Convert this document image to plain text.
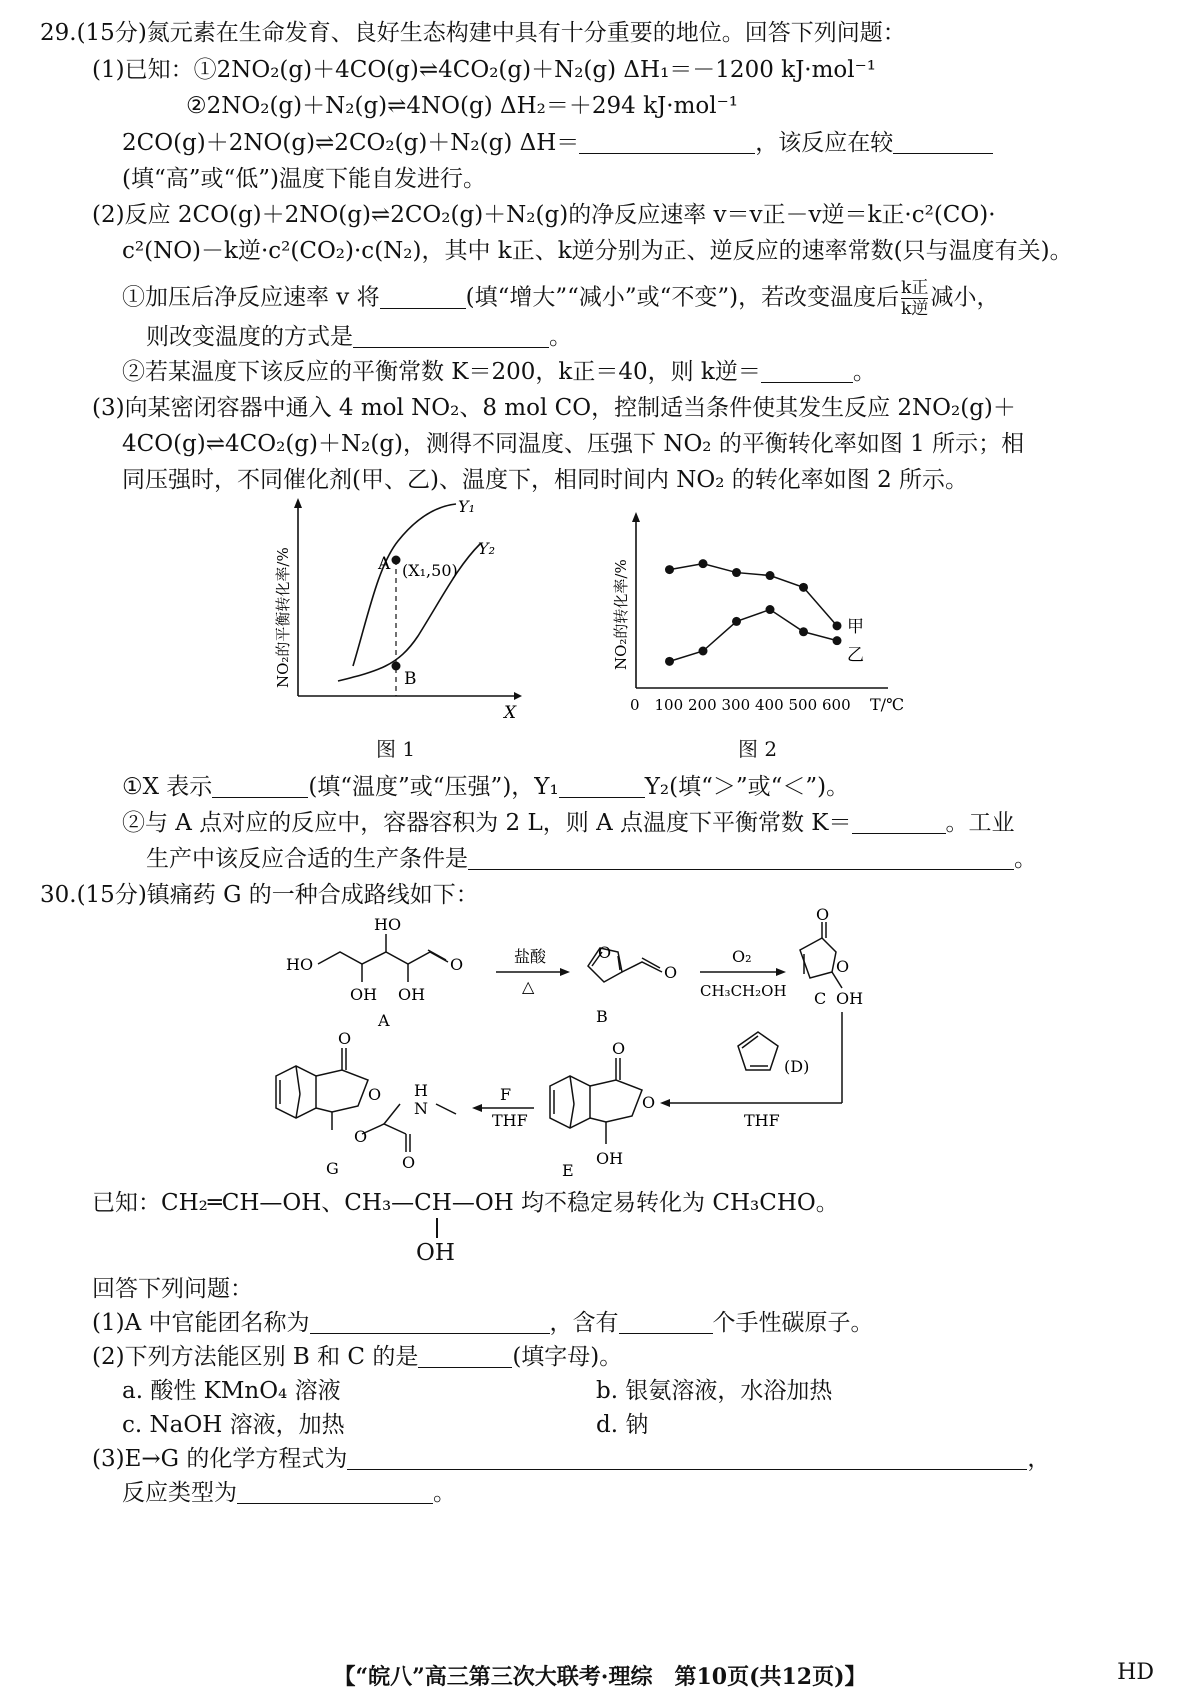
29.(15分)氮元素在生命发育、良好生态构建中具有十分重要的地位。回答下列问题：
(1)已知：①2NO₂(g)＋4CO(g)⇌4CO₂(g)＋N₂(g) ΔH₁＝－1200 kJ·mol⁻¹
②2NO₂(g)＋N₂(g)⇌4NO(g) ΔH₂＝＋294 kJ·mol⁻¹
2CO(g)＋2NO(g)⇌2CO₂(g)＋N₂(g) ΔH＝	，该反应在较
(填“高”或“低”)温度下能自发进行。
(2)反应 2CO(g)＋2NO(g)⇌2CO₂(g)＋N₂(g)的净反应速率 v＝v正－v逆＝k正·c²(CO)·
c²(NO)－k逆·c²(CO₂)·c(N₂)，其中 k正、k逆分别为正、逆反应的速率常数(只与温度有关)。
①加压后净反应速率 v 将	(填“增大”“减小”或“不变”)，若改变温度后 k正
k逆 减小，
则改变温度的方式是	。
②若某温度下该反应的平衡常数 K＝200，k正＝40，则 k逆＝	。
(3)向某密闭容器中通入 4 mol NO₂、8 mol CO，控制适当条件使其发生反应 2NO₂(g)＋
4CO(g)⇌4CO₂(g)＋N₂(g)，测得不同温度、压强下 NO₂ 的平衡转化率如图 1 所示；相
同压强时，不同催化剂(甲、乙)、温度下，相同时间内 NO₂ 的转化率如图 2 所示。
A (X₁,50)
B
Y₁
Y₂
X
NO₂的平衡转化率/%
图 1
NO₂的转化率/%
T/℃
0 100 200 300 400 500 600
甲
乙
图 2
①X 表示	(填“温度”或“压强”)，Y₁	Y₂(填“＞”或“＜”)。
②与 A 点对应的反应中，容器容积为 2 L，则 A 点温度下平衡常数 K＝	。工业
生产中该反应合适的生产条件是	。
30.(15分)镇痛药 G 的一种合成路线如下：
HO
HO
OH OH
O
A
盐酸
△
O
O
B
O₂
CH₃CH₂OH
O
O
C OH
(D)
THF
O
O
OH
E
F
THF
O
O
O
O
H
N
G
已知：CH₂═CH—OH、CH₃—CH—OH 均不稳定易转化为 CH₃CHO。
OH
回答下列问题：
(1)A 中官能团名称为	，含有	个手性碳原子。
(2)下列方法能区别 B 和 C 的是	(填字母)。
a. 酸性 KMnO₄ 溶液	b. 银氨溶液，水浴加热
c. NaOH 溶液，加热	d. 钠
(3)E→G 的化学方程式为	，
反应类型为	。
【“皖八”高三第三次大联考·理综　第10页(共12页)】	HD
